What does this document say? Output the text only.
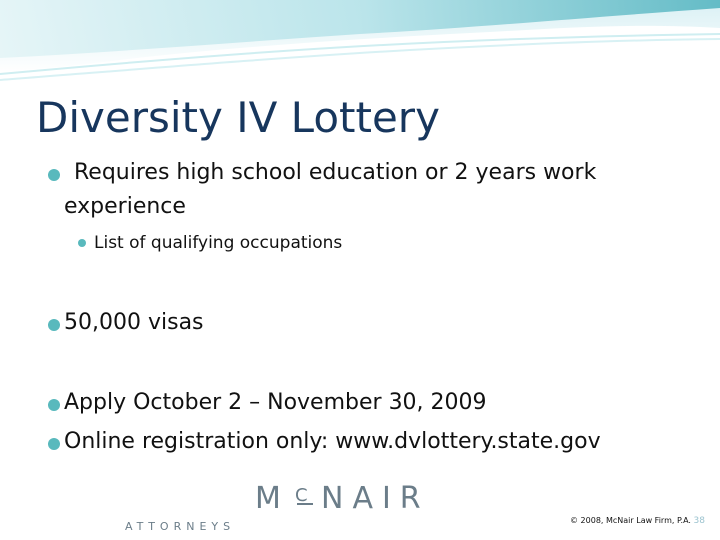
Diversity IV Lottery
Requires high school education or 2 years work
experience
List of qualifying occupations
50,000 visas
Apply October 2 – November 30, 2009
Online registration only: www.dvlottery.state.gov
M C NAIR
ATTORNEYS	© 2008, McNair Law Firm, P.A. 38
